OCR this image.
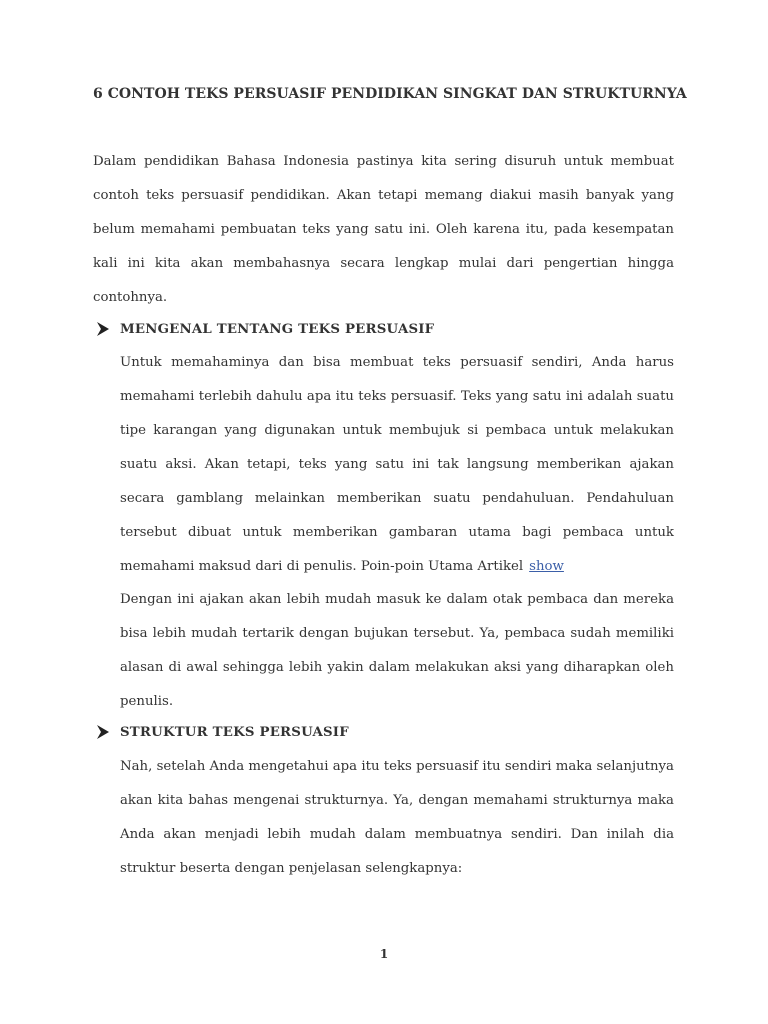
6 CONTOH TEKS PERSUASIF PENDIDIKAN SINGKAT DAN STRUKTURNYA

Dalam pendidikan Bahasa Indonesia pastinya kita sering disuruh untuk membuat contoh teks persuasif pendidikan. Akan tetapi memang diakui masih banyak yang belum memahami pembuatan teks yang satu ini. Oleh karena itu, pada kesempatan kali ini kita akan membahasnya secara lengkap mulai dari pengertian hingga contohnya.

MENGENAL TENTANG TEKS PERSUASIF

Untuk memahaminya dan bisa membuat teks persuasif sendiri, Anda harus memahami terlebih dahulu apa itu teks persuasif. Teks yang satu ini adalah suatu tipe karangan yang digunakan untuk membujuk si pembaca untuk melakukan suatu aksi. Akan tetapi, teks yang satu ini tak langsung memberikan ajakan secara gamblang melainkan memberikan suatu pendahuluan. Pendahuluan tersebut dibuat untuk memberikan gambaran utama bagi pembaca untuk memahami maksud dari di penulis. Poin-poin Utama Artikel show

Dengan ini ajakan akan lebih mudah masuk ke dalam otak pembaca dan mereka bisa lebih mudah tertarik dengan bujukan tersebut. Ya, pembaca sudah memiliki alasan di awal sehingga lebih yakin dalam melakukan aksi yang diharapkan oleh penulis.

STRUKTUR TEKS PERSUASIF

Nah, setelah Anda mengetahui apa itu teks persuasif itu sendiri maka selanjutnya akan kita bahas mengenai strukturnya. Ya, dengan memahami strukturnya maka Anda akan menjadi lebih mudah dalam membuatnya sendiri. Dan inilah dia struktur beserta dengan penjelasan selengkapnya:

1
